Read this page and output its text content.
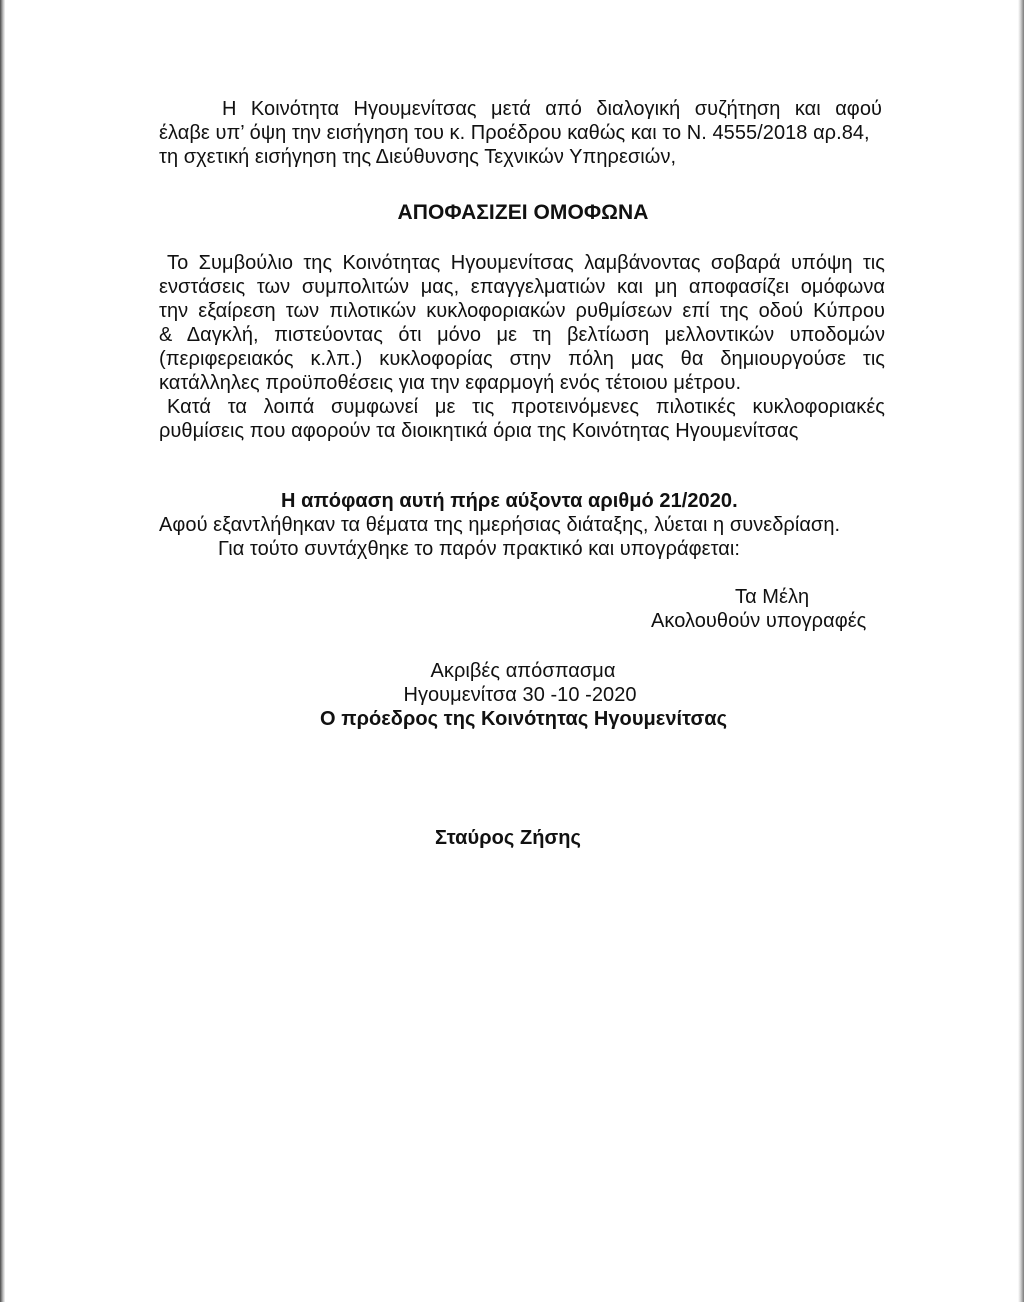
Η Κοινότητα Ηγουμενίτσας μετά από διαλογική συζήτηση και αφού
έλαβε υπ’ όψη την εισήγηση του κ. Προέδρου καθώς και το Ν. 4555/2018 αρ.84,
τη σχετική εισήγηση της Διεύθυνσης Τεχνικών Υπηρεσιών,
ΑΠΟΦΑΣΙΖΕΙ ΟΜΟΦΩΝΑ
Το Συμβούλιο της Κοινότητας Ηγουμενίτσας λαμβάνοντας σοβαρά υπόψη τις
ενστάσεις των συμπολιτών μας, επαγγελματιών και μη αποφασίζει ομόφωνα
την εξαίρεση των πιλοτικών κυκλοφοριακών ρυθμίσεων επί της οδού Κύπρου
& Δαγκλή, πιστεύοντας ότι μόνο με τη βελτίωση μελλοντικών υποδομών
(περιφερειακός κ.λπ.) κυκλοφορίας στην πόλη μας θα δημιουργούσε τις
κατάλληλες προϋποθέσεις για την εφαρμογή ενός τέτοιου μέτρου.
Κατά τα λοιπά συμφωνεί με τις προτεινόμενες πιλοτικές κυκλοφοριακές
ρυθμίσεις που αφορούν τα διοικητικά όρια της Κοινότητας Ηγουμενίτσας
Η απόφαση αυτή πήρε αύξοντα αριθμό 21/2020.
Αφού εξαντλήθηκαν τα θέματα της ημερήσιας διάταξης, λύεται η συνεδρίαση.
Για τούτο συντάχθηκε το παρόν πρακτικό και υπογράφεται:
Τα Μέλη
Ακολουθούν υπογραφές
Ακριβές απόσπασμα
Ηγουμενίτσα 30 -10 -2020
Ο πρόεδρος της Κοινότητας Ηγουμενίτσας
Σταύρος Ζήσης
